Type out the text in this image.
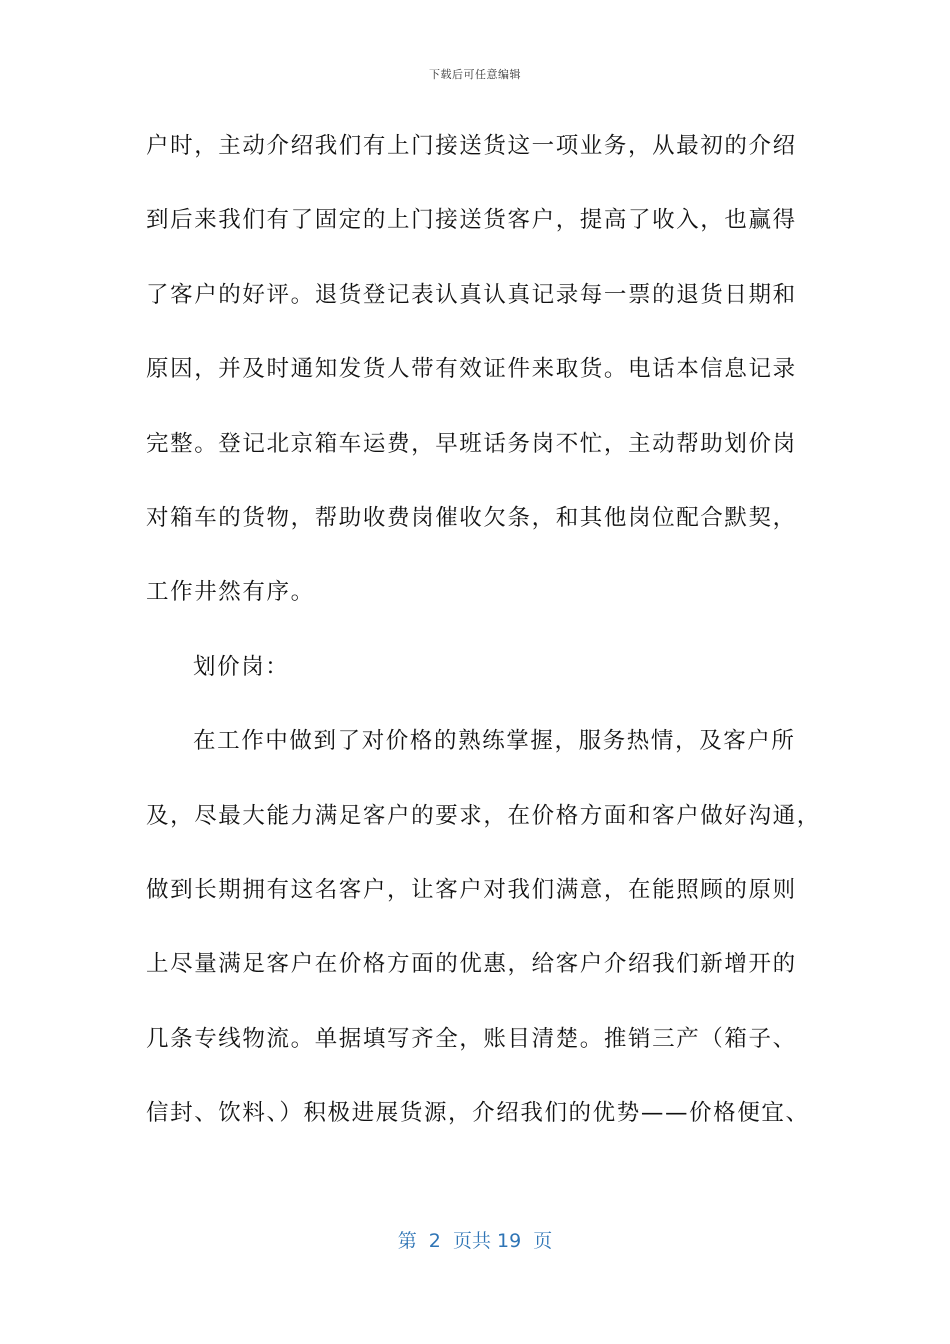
下载后可任意编辑
户时，主动介绍我们有上门接送货这一项业务，从最初的介绍
到后来我们有了固定的上门接送货客户，提高了收入，也赢得
了客户的好评。退货登记表认真认真记录每一票的退货日期和
原因，并及时通知发货人带有效证件来取货。电话本信息记录
完整。登记北京箱车运费，早班话务岗不忙，主动帮助划价岗
对箱车的货物，帮助收费岗催收欠条，和其他岗位配合默契，
工作井然有序。
划价岗：
在工作中做到了对价格的熟练掌握，服务热情，及客户所
及，尽最大能力满足客户的要求，在价格方面和客户做好沟通，
做到长期拥有这名客户，让客户对我们满意，在能照顾的原则
上尽量满足客户在价格方面的优惠，给客户介绍我们新增开的
几条专线物流。单据填写齐全，账目清楚。推销三产（箱子、
信封、饮料、）积极进展货源，介绍我们的优势——价格便宜、
第  2  页共 19  页
